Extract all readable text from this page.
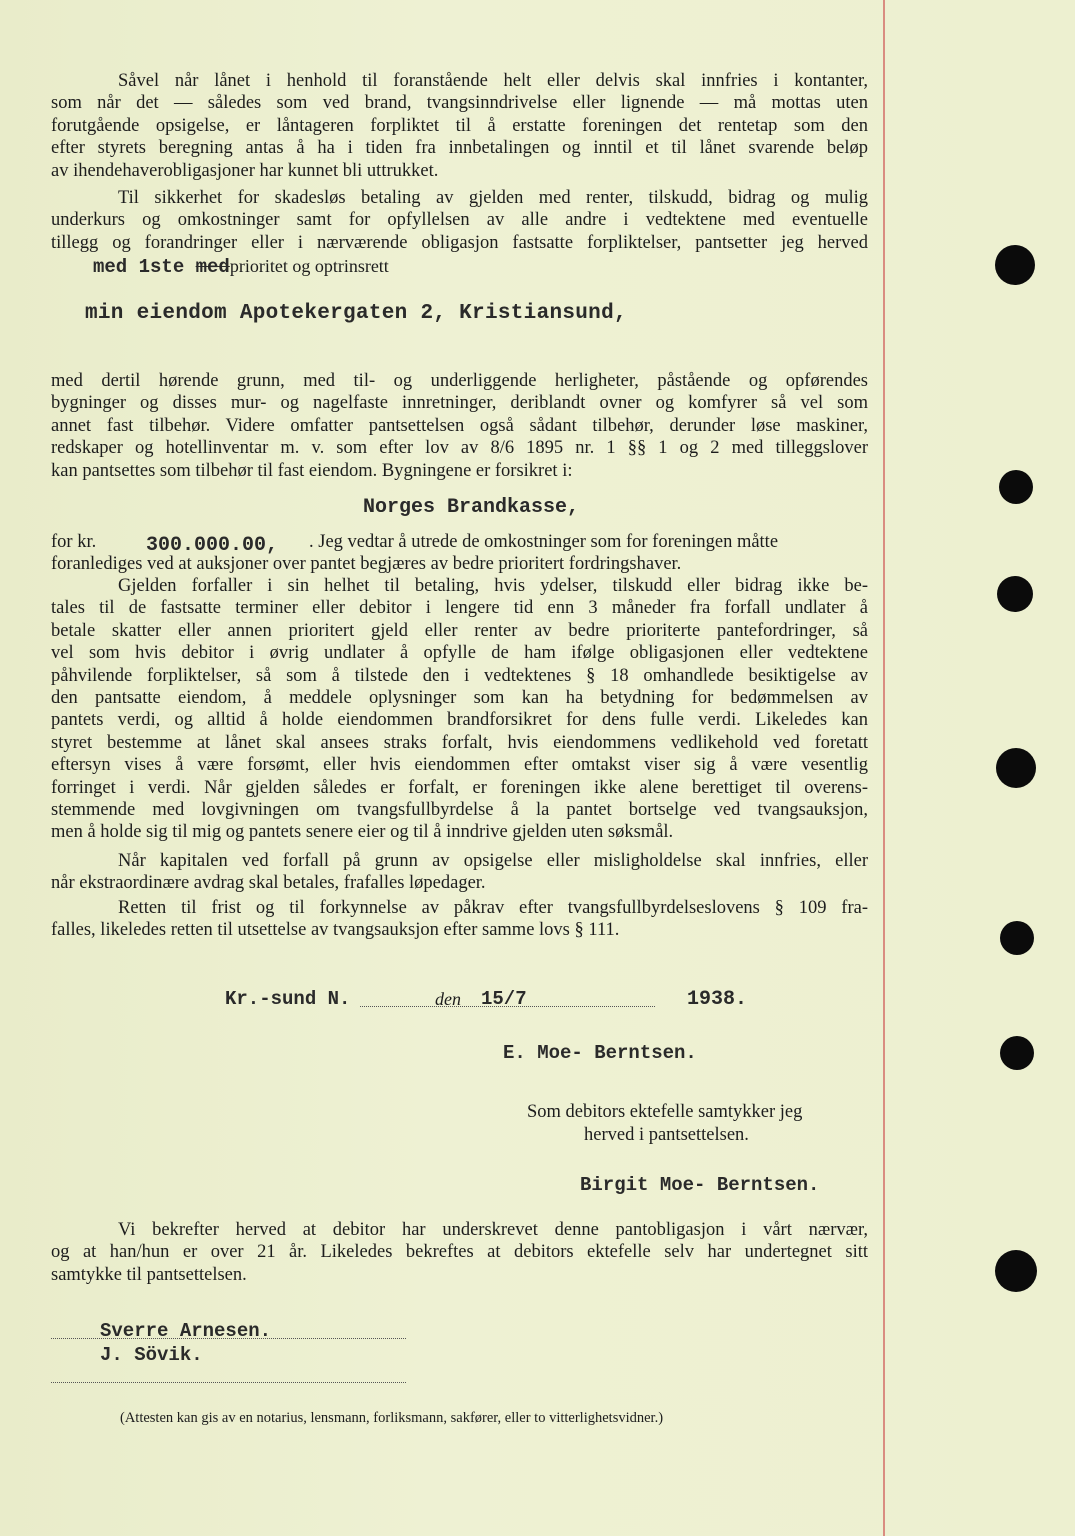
Såvel når lånet i henhold til foranstående helt eller delvis skal innfries i kontanter,
som når det — således som ved brand, tvangsinndrivelse eller lignende — må mottas uten
forutgående opsigelse, er låntageren forpliktet til å erstatte foreningen det rentetap som den
efter styrets beregning antas å ha i tiden fra innbetalingen og inntil et til lånet svarende beløp
av ihendehaverobligasjoner har kunnet bli uttrukket.
Til sikkerhet for skadesløs betaling av gjelden med renter, tilskudd, bidrag og mulig
underkurs og omkostninger samt for opfyllelsen av alle andre i vedtektene med eventuelle
tillegg og forandringer eller i nærværende obligasjon fastsatte forpliktelser, pantsetter jeg herved
med 1ste medprioritet og optrinsrett
min eiendom Apotekergaten 2, Kristiansund,
med dertil hørende grunn, med til- og underliggende herligheter, påstående og opførendes
bygninger og disses mur- og nagelfaste innretninger, deriblandt ovner og komfyrer så vel som
annet fast tilbehør. Videre omfatter pantsettelsen også sådant tilbehør, derunder løse maskiner,
redskaper og hotellinventar m. v. som efter lov av 8/6 1895 nr. 1 §§ 1 og 2 med tilleggslover
kan pantsettes som tilbehør til fast eiendom. Bygningene er forsikret i:
Norges Brandkasse,
for kr. 300.000.00, . Jeg vedtar å utrede de omkostninger som for foreningen måtte
foranlediges ved at auksjoner over pantet begjæres av bedre prioritert fordringshaver.
Gjelden forfaller i sin helhet til betaling, hvis ydelser, tilskudd eller bidrag ikke be-
tales til de fastsatte terminer eller debitor i lengere tid enn 3 måneder fra forfall undlater å
betale skatter eller annen prioritert gjeld eller renter av bedre prioriterte pantefordringer, så
vel som hvis debitor i øvrig undlater å opfylle de ham ifølge obligasjonen eller vedtektene
påhvilende forpliktelser, så som å tilstede den i vedtektenes § 18 omhandlede besiktigelse av
den pantsatte eiendom, å meddele oplysninger som kan ha betydning for bedømmelsen av
pantets verdi, og alltid å holde eiendommen brandforsikret for dens fulle verdi. Likeledes kan
styret bestemme at lånet skal ansees straks forfalt, hvis eiendommens vedlikehold ved foretatt
eftersyn vises å være forsømt, eller hvis eiendommen efter omtakst viser sig å være vesentlig
forringet i verdi. Når gjelden således er forfalt, er foreningen ikke alene berettiget til overens-
stemmende med lovgivningen om tvangsfullbyrdelse å la pantet bortselge ved tvangsauksjon,
men å holde sig til mig og pantets senere eier og til å inndrive gjelden uten søksmål.
Når kapitalen ved forfall på grunn av opsigelse eller misligholdelse skal innfries, eller
når ekstraordinære avdrag skal betales, frafalles løpedager.
Retten til frist og til forkynnelse av påkrav efter tvangsfullbyrdelseslovens § 109 fra-
falles, likeledes retten til utsettelse av tvangsauksjon efter samme lovs § 111.
Kr.-sund N.	den 15/7	1938.
E. Moe- Berntsen.
Som debitors ektefelle samtykker jeg
herved i pantsettelsen.
Birgit Moe- Berntsen.
Vi bekrefter herved at debitor har underskrevet denne pantobligasjon i vårt nærvær,
og at han/hun er over 21 år. Likeledes bekreftes at debitors ektefelle selv har undertegnet sitt
samtykke til pantsettelsen.
Sverre Arnesen.
J. Sövik.
(Attesten kan gis av en notarius, lensmann, forliksmann, sakfører, eller to vitterlighetsvidner.)
